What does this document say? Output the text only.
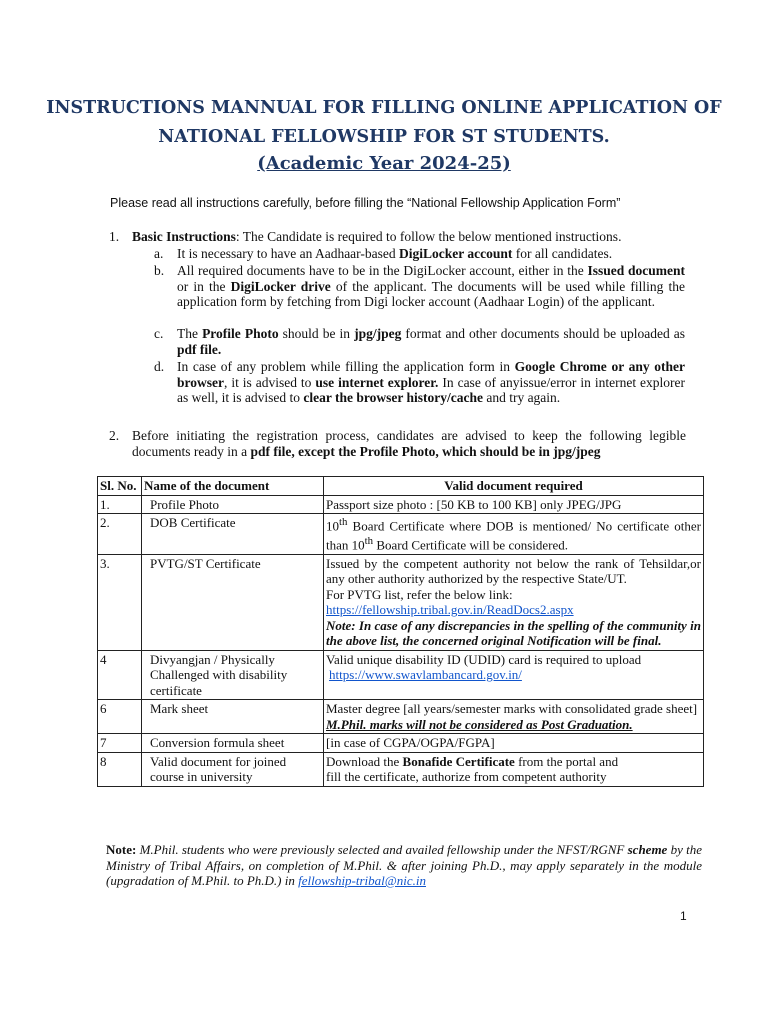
INSTRUCTIONS MANNUAL FOR FILLING ONLINE APPLICATION OF
NATIONAL FELLOWSHIP FOR ST STUDENTS.
(Academic Year 2024-25)
Please read all instructions carefully, before filling the “National Fellowship Application Form”
1. Basic Instructions: The Candidate is required to follow the below mentioned instructions.
a. It is necessary to have an Aadhaar-based DigiLocker account for all candidates.
b. All required documents have to be in the DigiLocker account, either in the Issued document or in the DigiLocker drive of the applicant. The documents will be used while filling the application form by fetching from Digi locker account (Aadhaar Login) of the applicant.
c. The Profile Photo should be in jpg/jpeg format and other documents should be uploaded as pdf file.
d. In case of any problem while filling the application form in Google Chrome or any other browser, it is advised to use internet explorer. In case of anyissue/error in internet explorer as well, it is advised to clear the browser history/cache and try again.
2. Before initiating the registration process, candidates are advised to keep the following legible documents ready in a pdf file, except the Profile Photo, which should be in jpg/jpeg
Sl. No.	Name of the document	Valid document required
1.	Profile Photo	Passport size photo : [50 KB to 100 KB] only JPEG/JPG
2.	DOB Certificate	10th Board Certificate where DOB is mentioned/ No certificate other than 10th Board Certificate will be considered.
3.	PVTG/ST Certificate	Issued by the competent authority not below the rank of Tehsildar,or any other authority authorized by the respective State/UT.
For PVTG list, refer the below link:
https://fellowship.tribal.gov.in/ReadDocs2.aspx
Note: In case of any discrepancies in the spelling of the community in the above list, the concerned original Notification will be final.

4	Divyangjan / Physically Challenged with disability certificate	Valid unique disability ID (UDID) card is required to upload
https://www.swavlambancard.gov.in/

6	Mark sheet	Master degree [all years/semester marks with consolidated grade sheet] M.Phil. marks will not be considered as Post Graduation.
7	Conversion formula sheet	[in case of CGPA/OGPA/FGPA]
8	Valid document for joined course in university	Download the Bonafide Certificate from the portal and
fill the certificate, authorize from competent authority
Note: M.Phil. students who were previously selected and availed fellowship under the NFST/RGNF scheme by the Ministry of Tribal Affairs, on completion of M.Phil. & after joining Ph.D., may apply separately in the module (upgradation of M.Phil. to Ph.D.) in fellowship-tribal@nic.in
1
